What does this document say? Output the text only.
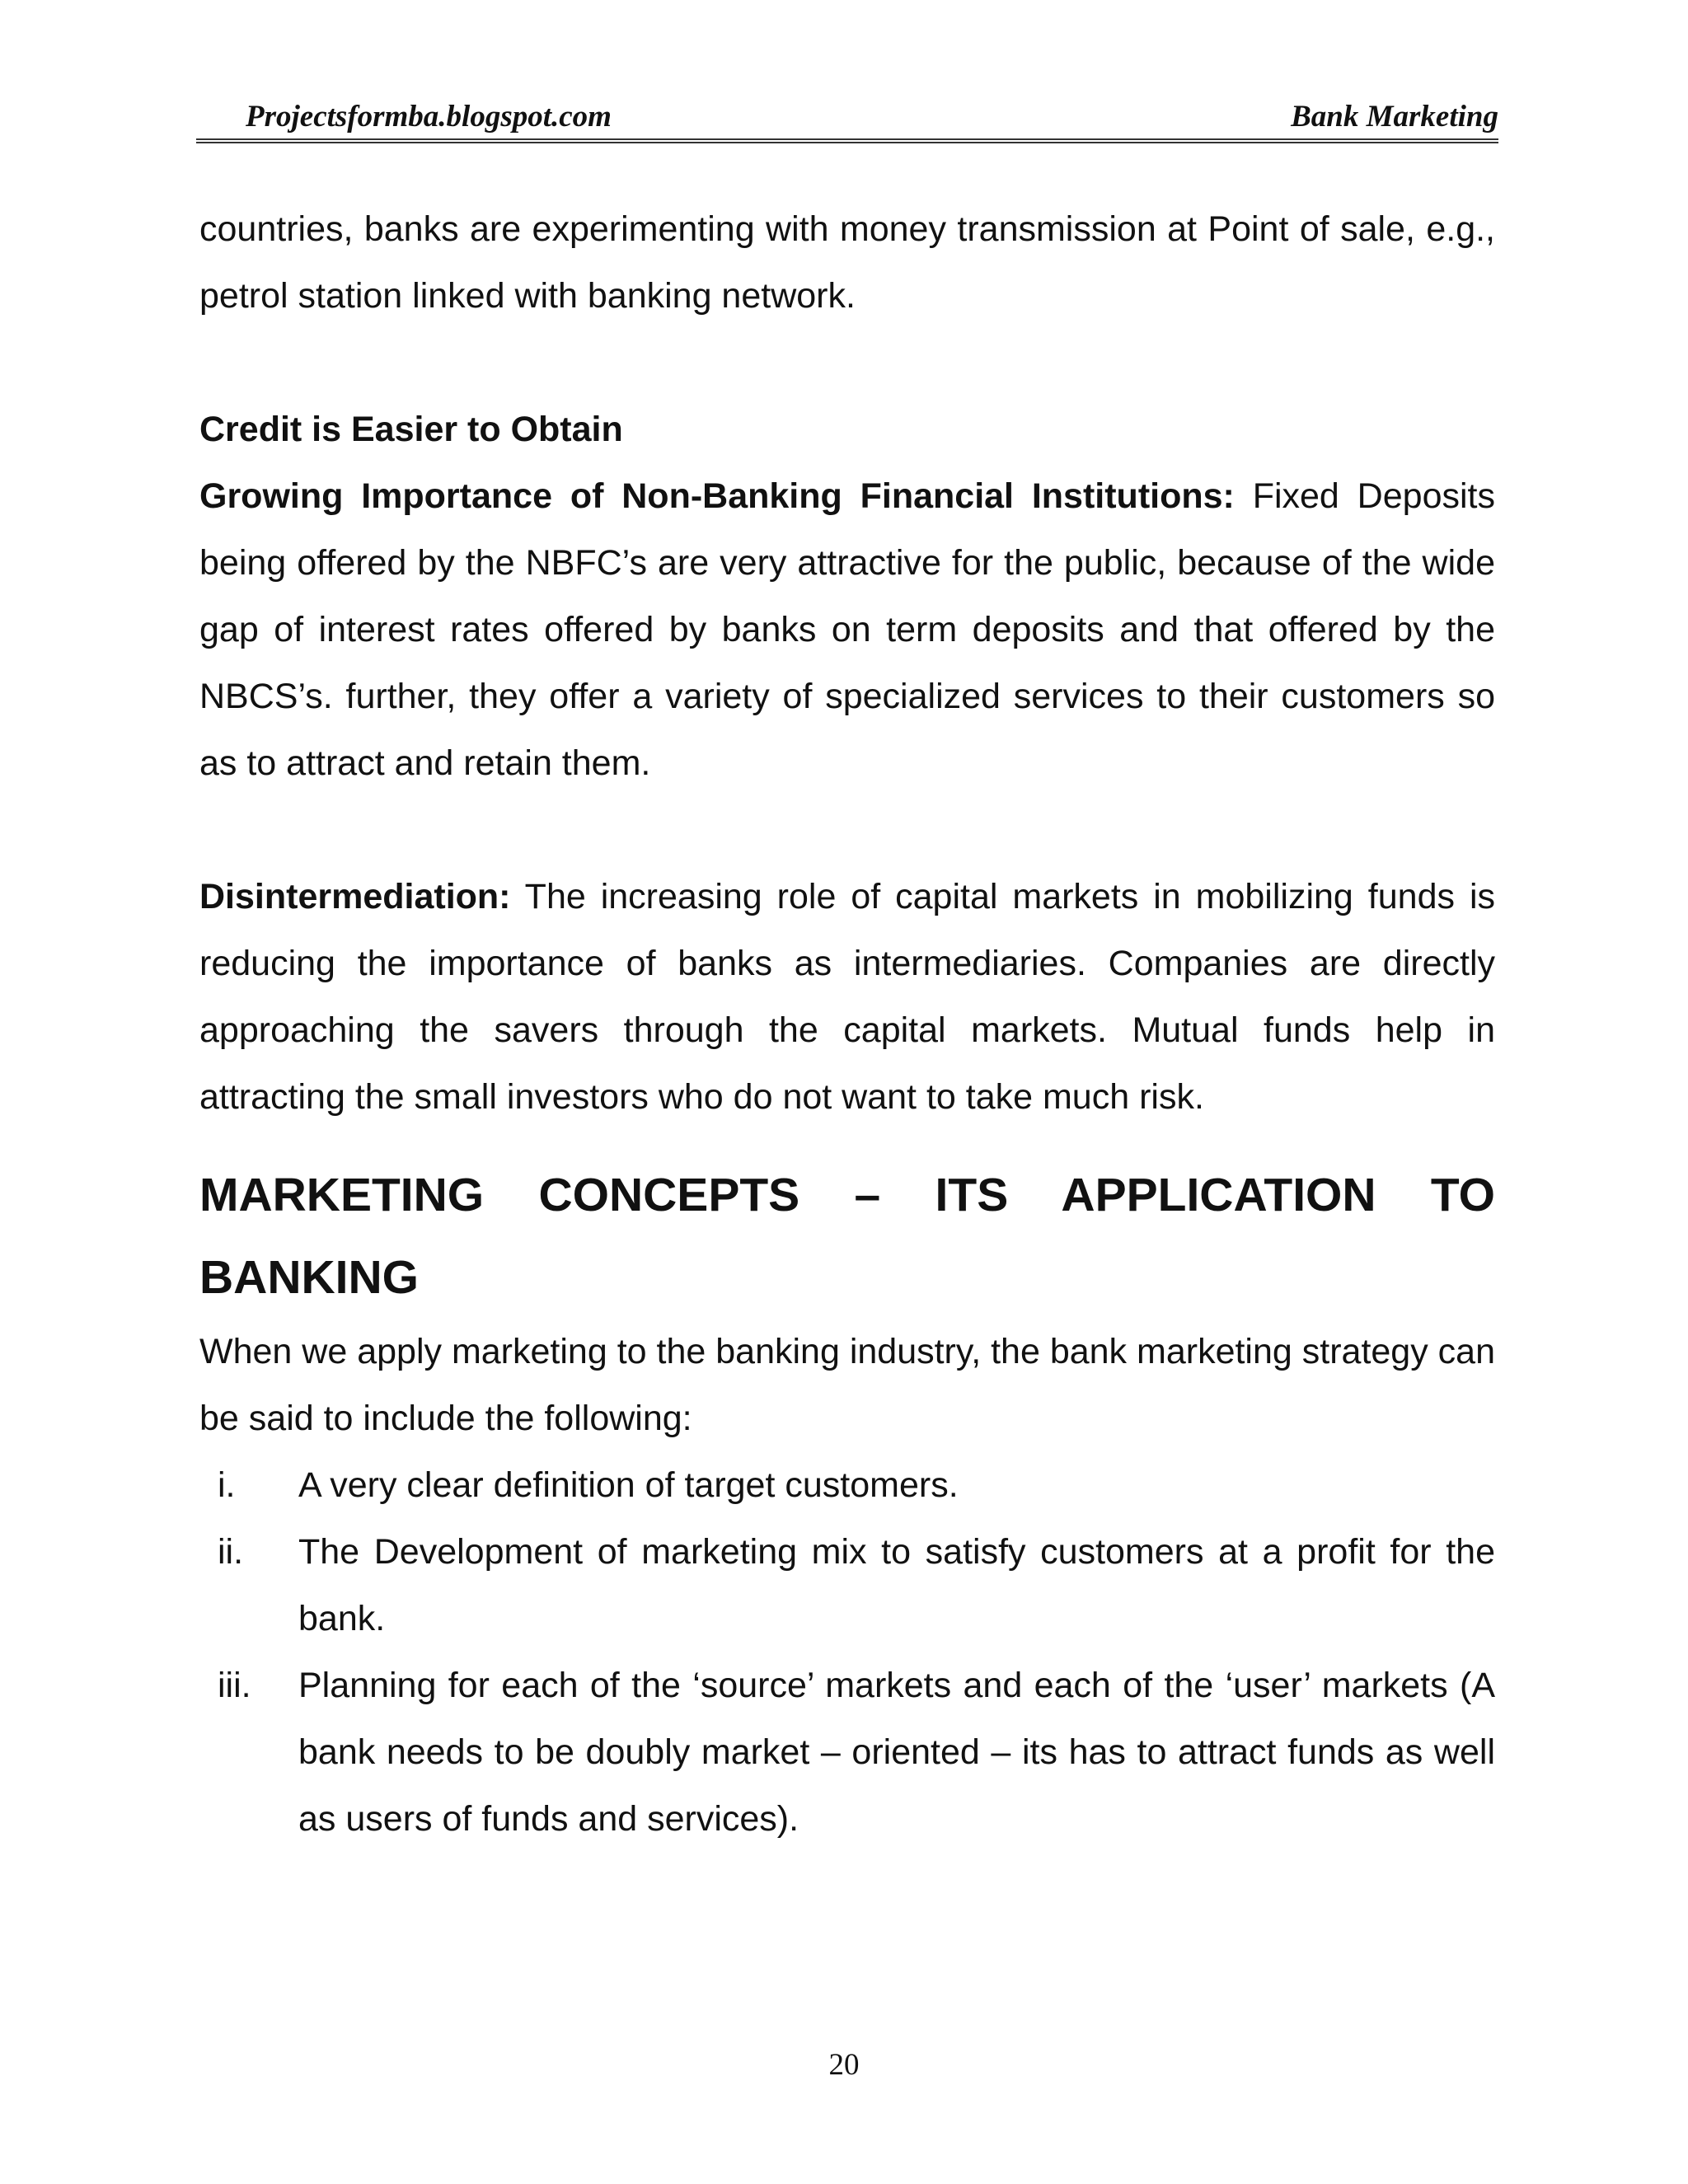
Projectsformba.blogspot.com	Bank Marketing

countries, banks are experimenting with money transmission at Point of sale, e.g., petrol station linked with banking network.

Credit is Easier to Obtain

Growing Importance of Non-Banking Financial Institutions: Fixed Deposits being offered by the NBFC’s are very attractive for the public, because of the wide gap of interest rates offered by banks on term deposits and that offered by the NBCS’s. further, they offer a variety of specialized services to their customers so as to attract and retain them.

Disintermediation: The increasing role of capital markets in mobilizing funds is reducing the importance of banks as intermediaries. Companies are directly approaching the savers through the capital markets. Mutual funds help in attracting the small investors who do not want to take much risk.

MARKETING CONCEPTS – ITS APPLICATION TO BANKING

When we apply marketing to the banking industry, the bank marketing strategy can be said to include the following:

i. A very clear definition of target customers.
ii. The Development of marketing mix to satisfy customers at a profit for the bank.
iii. Planning for each of the ‘source’ markets and each of the ‘user’ markets (A bank needs to be doubly market – oriented – its has to attract funds as well as users of funds and services).
20
